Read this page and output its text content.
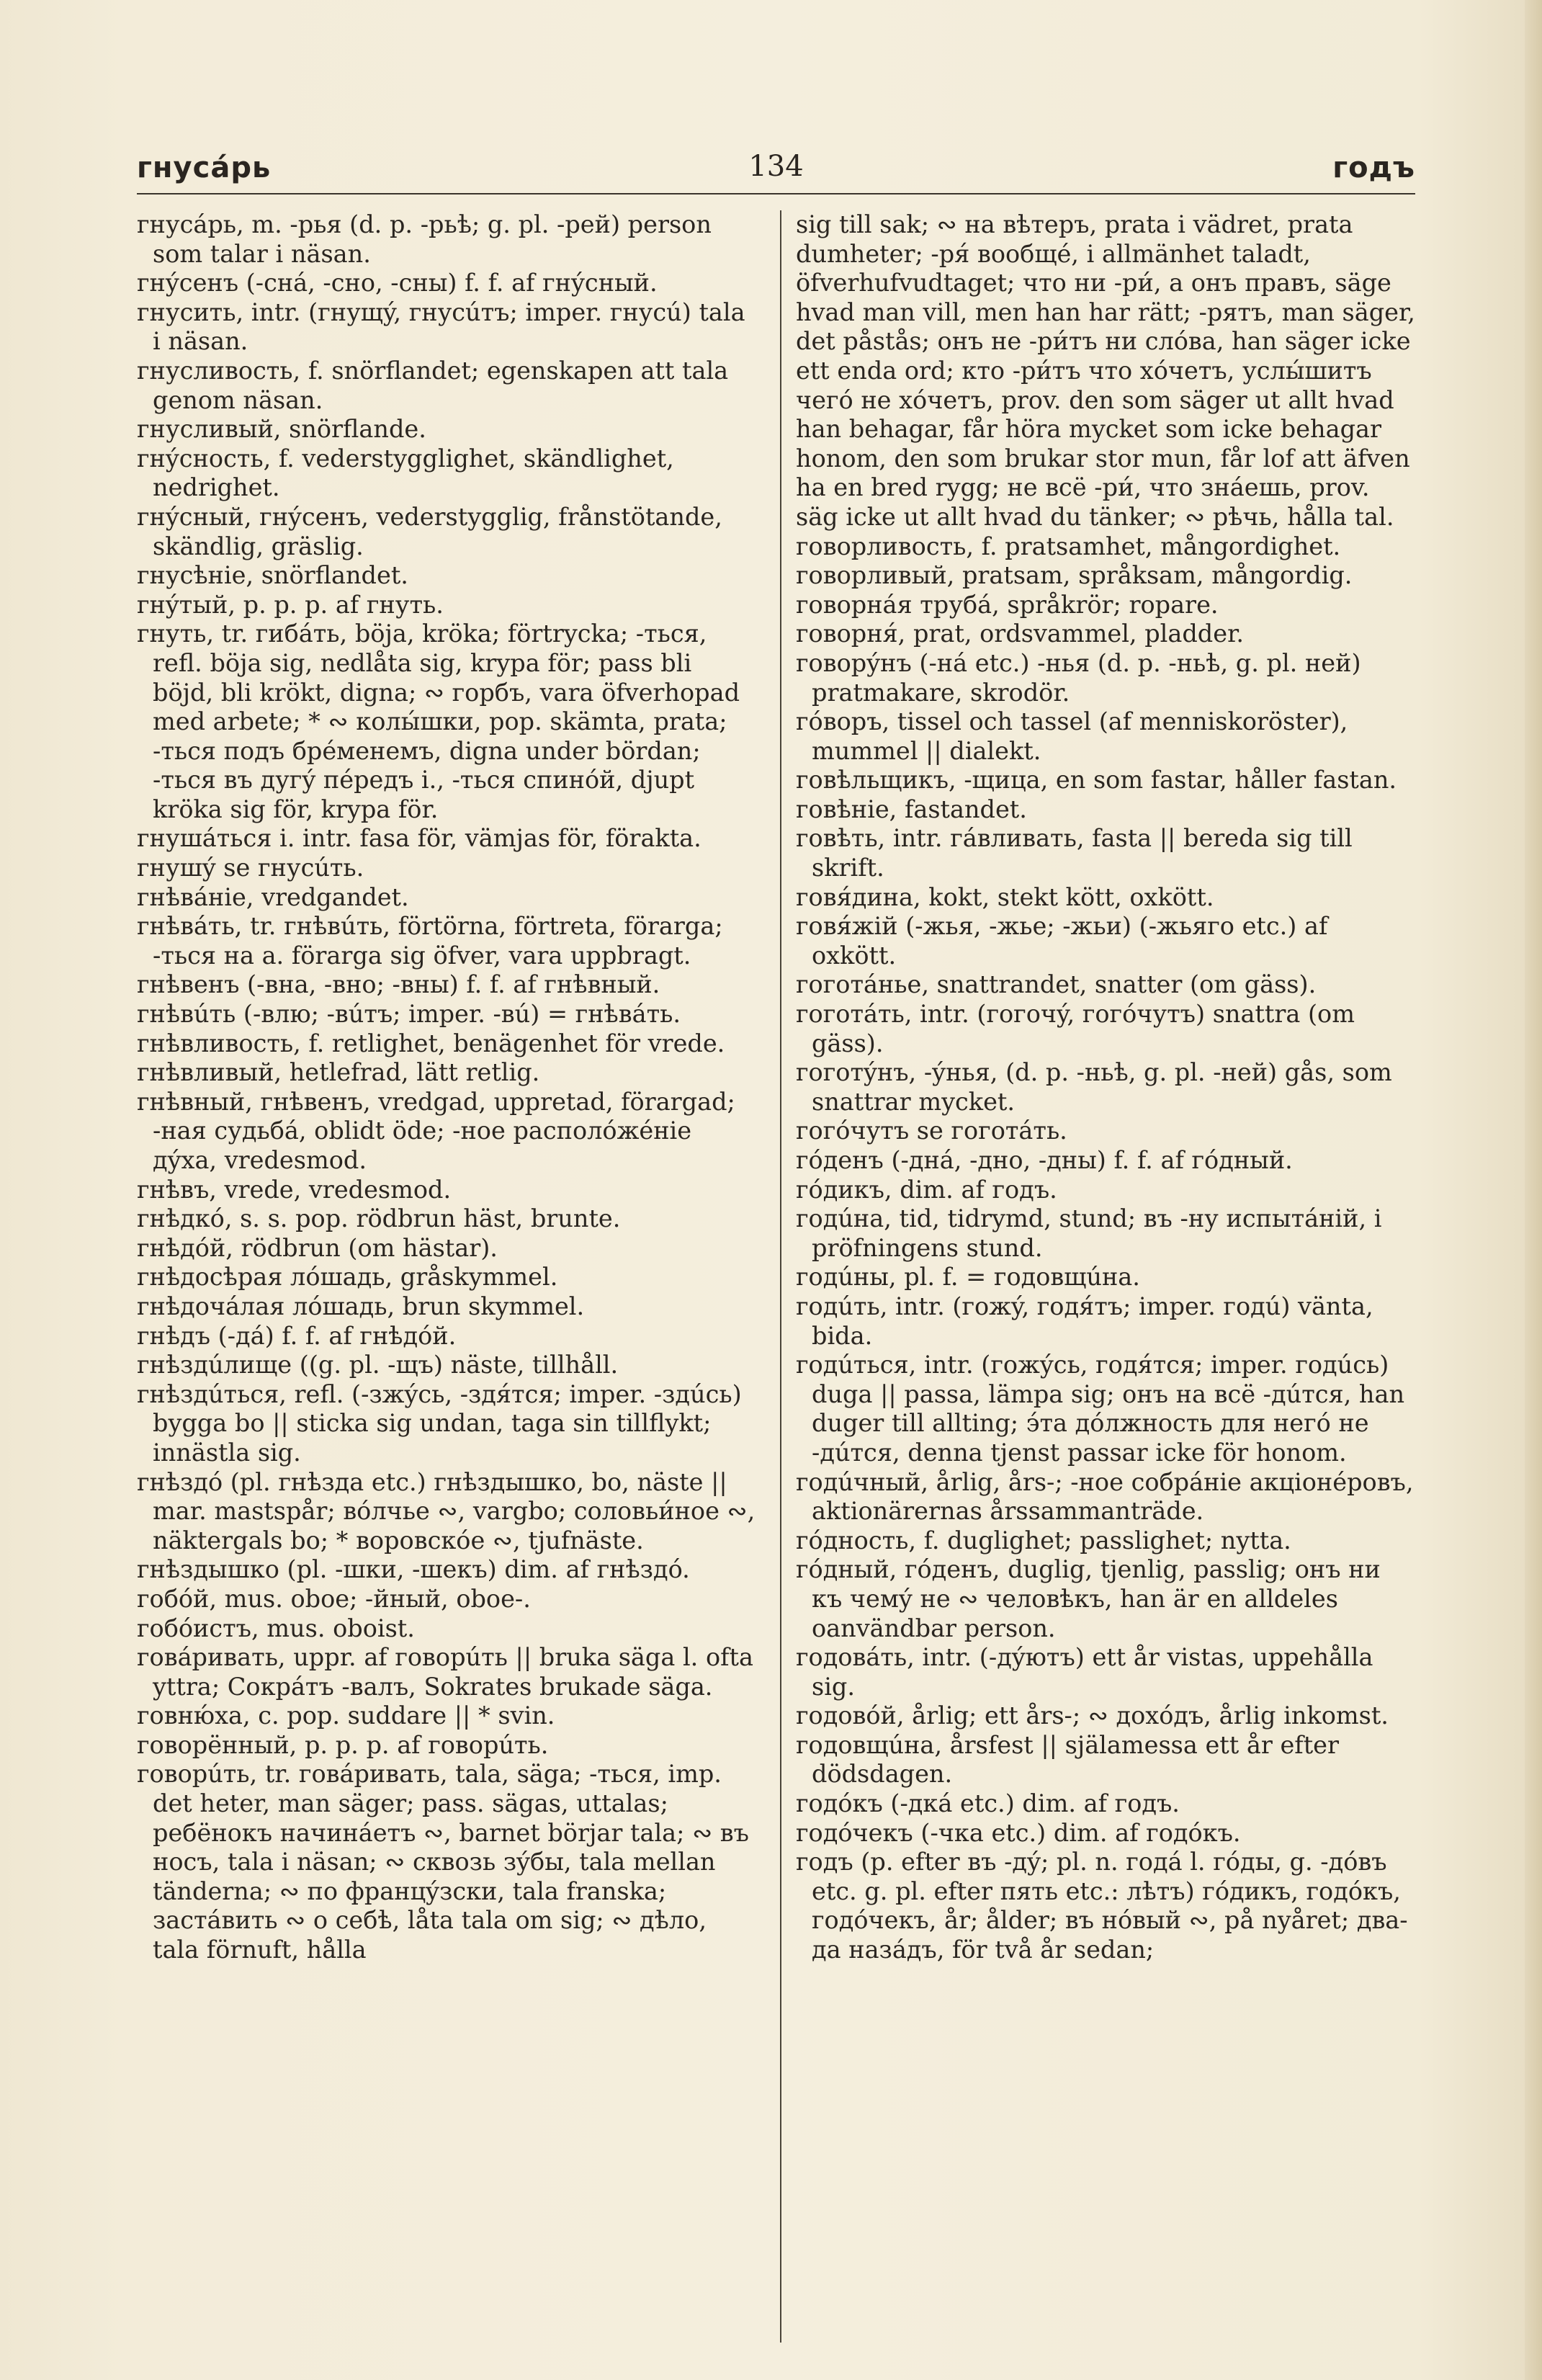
гнусáрь	134	годъ

гнусáрь, m. -рья (d. p. -рьѣ; g. pl. -рей) person som talar i näsan.

гнýсенъ (-снá, -сно, -сны) f. f. af гнýсный.

гнусить, intr. (гнущý, гнусúтъ; imper. гнусú) tala i näsan.

гнусливость, f. snörflandet; egenskapen att tala genom näsan.

гнусливый, snörflande.

гнýсность, f. vederstygglighet, skändlighet, nedrighet.

гнýсный, гнýсенъ, vederstygglig, frånstötande, skändlig, gräslig.

гнусѣніе, snörflandet.

гнýтый, p. p. p. af гнуть.

гнуть, tr. гибáть, böja, kröka; förtrycka; -ться, refl. böja sig, nedlåta sig, krypa för; pass bli böjd, bli krökt, digna; ∾ горбъ, vara öfverhopad med arbete; * ∾ колы́шки, pop. skämta, prata; -ться подъ бре́менемъ, digna under bördan; -ться въ дугý пе́редъ i., -ться спинóй, djupt kröka sig för, krypa för.

гнушáться i. intr. fasa för, vämjas för, förakta.

гнушý se гнусúть.

гнѣвáніе, vredgandet.

гнѣвáть, tr. гнѣвúть, förtörna, förtreta, förarga; -ться на a. förarga sig öfver, vara uppbragt.

гнѣвенъ (-вна, -вно; -вны) f. f. af гнѣвный.

гнѣвúть (-влю; -вúтъ; imper. -вú) = гнѣвáть.

гнѣвливость, f. retlighet, benägenhet för vrede.

гнѣвливый, hetlefrad, lätt retlig.

гнѣвный, гнѣвенъ, vredgad, uppretad, förargad; -ная судьбá, oblidt öde; -ное располóже́ніе дýха, vredesmod.

гнѣвъ, vrede, vredesmod.

гнѣдкó, s. s. pop. rödbrun häst, brunte.

гнѣдóй, rödbrun (om hästar).

гнѣдосѣрая лóшадь, gråskymmel.

гнѣдочáлая лóшадь, brun skymmel.

гнѣдъ (-дá) f. f. af гнѣдóй.

гнѣздúлище ((g. pl. -щъ) näste, tillhåll.

гнѣздúться, refl. (-зжýсь, -здя́тся; imper. -здúсь) bygga bo || sticka sig undan, taga sin tillflykt; innästla sig.

гнѣздó (pl. гнѣзда etc.) гнѣздышко, bo, näste || mar. mastspår; вóлчье ∾, vargbo; соловьи́ное ∾, näktergals bo; * воровскóе ∾, tjufnäste.

гнѣздышко (pl. -шки, -шекъ) dim. af гнѣздó.

гобóй, mus. oboe; -йный, oboe-.

гобóистъ, mus. oboist.

говáривать, uppr. af говорúть || bruka säga l. ofta yttra; Сокрáтъ -валъ, Sokrates brukade säga.

говню́ха, c. pop. suddare || * svin.

говорённый, p. p. p. af говорúть.

говорúть, tr. говáривать, tala, säga; -ться, imp. det heter, man säger; pass. sägas, uttalas; ребёнокъ начинáетъ ∾, barnet börjar tala; ∾ въ носъ, tala i näsan; ∾ сквозь зýбы, tala mellan tänderna; ∾ по францýзски, tala franska; застáвить ∾ о себѣ, låta tala om sig; ∾ дѣло, tala förnuft, hålla

sig till sak; ∾ на вѣтеръ, prata i vädret, prata dumheter; -ря́ вообщé, i allmänhet taladt, öfverhufvudtaget; что ни -ри́, а онъ правъ, säge hvad man vill, men han har rätt; -рятъ, man säger, det påstås; онъ не -ри́тъ ни слóва, han säger icke ett enda ord; кто -ри́тъ что хóчетъ, услы́шитъ чегó не хóчетъ, prov. den som säger ut allt hvad han behagar, får höra mycket som icke behagar honom, den som brukar stor mun, får lof att äfven ha en bred rygg; не всё -ри́, что знáешь, prov. säg icke ut allt hvad du tänker; ∾ рѣчь, hålla tal.

говорливость, f. pratsamhet, mångordighet.

говорливый, pratsam, språksam, mångordig.

говорнáя трубá, språkrör; ropare.

говорня́, prat, ordsvammel, pladder.

говорýнъ (-нá etc.) -нья (d. p. -ньѣ, g. pl. ней) pratmakare, skrodör.

гóворъ, tissel och tassel (af menniskoröster), mummel || dialekt.

говѣльщикъ, -щица, en som fastar, håller fastan.

говѣніе, fastandet.

говѣть, intr. гáвливать, fasta || bereda sig till skrift.

говя́дина, kokt, stekt kött, oxkött.

говя́жій (-жья, -жье; -жьи) (-жьяго etc.) af oxkött.

гоготáнье, snattrandet, snatter (om gäss).

гоготáть, intr. (гогочý, гогóчутъ) snattra (om gäss).

гоготýнъ, -ýнья, (d. p. -ньѣ, g. pl. -ней) gås, som snattrar mycket.

гогóчутъ se гоготáть.

гóденъ (-днá, -дно, -дны) f. f. af гóдный.

гóдикъ, dim. af годъ.

годúна, tid, tidrymd, stund; въ -ну испытáній, i pröfningens stund.

годúны, pl. f. = годовщúна.

годúть, intr. (гожý, годя́тъ; imper. годú) vänta, bida.

годúться, intr. (гожýсь, годя́тся; imper. годúсь) duga || passa, lämpa sig; онъ на всё -дúтся, han duger till allting; э́та дóлжность для негó не -дúтся, denna tjenst passar icke för honom.

годúчный, årlig, års-; -ное собрáніе акціонéровъ, aktionärernas årssammanträde.

гóдность, f. duglighet; passlighet; nytta.

гóдный, гóденъ, duglig, tjenlig, passlig; онъ ни къ чемý не ∾ человѣкъ, han är en alldeles oanvändbar person.

годовáть, intr. (-дýютъ) ett år vistas, uppehålla sig.

годовóй, årlig; ett års-; ∾ дохóдъ, årlig inkomst.

годовщúна, årsfest || själamessa ett år efter dödsdagen.

годóкъ (-дкá etc.) dim. af годъ.

годóчекъ (-чка etc.) dim. af годóкъ.

годъ (p. efter въ -дý; pl. n. годá l. гóды, g. -дóвъ etc. g. pl. efter пять etc.: лѣтъ) гóдикъ, годóкъ, годóчекъ, år; ålder; въ нóвый ∾, på nyåret; два- да назáдъ, för två år sedan;
